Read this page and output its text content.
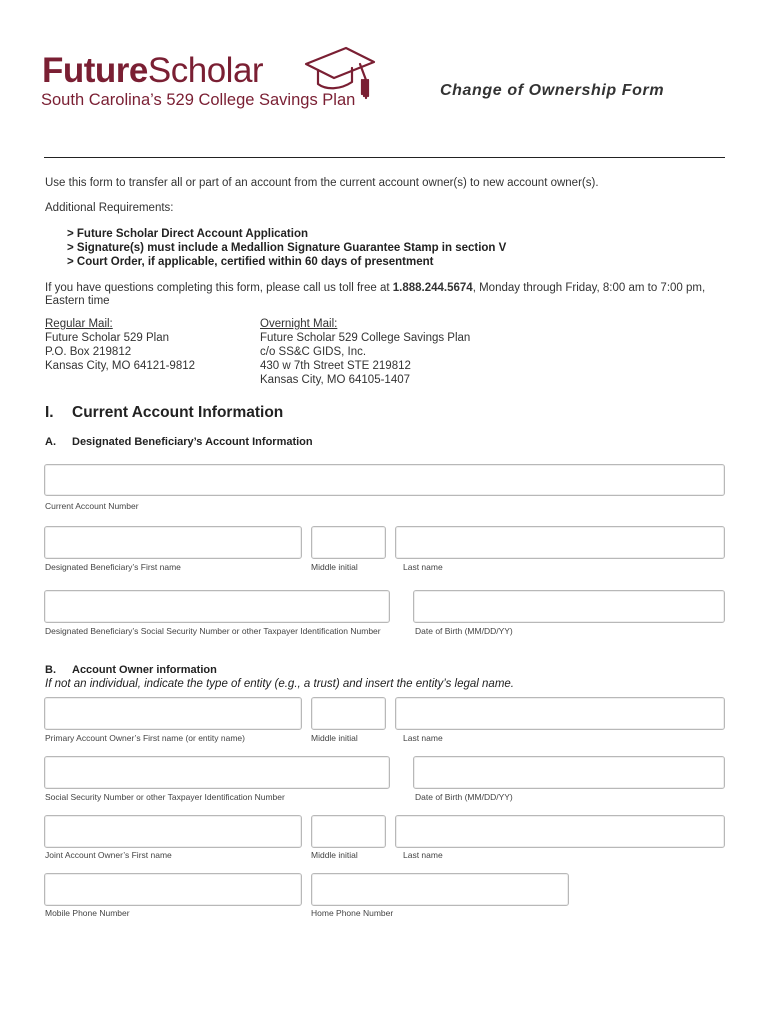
FutureScholar
South Carolina’s 529 College Savings Plan
Change of Ownership Form
Use this form to transfer all or part of an account from the current account owner(s) to new account owner(s).
Additional Requirements:
> Future Scholar Direct Account Application
> Signature(s) must include a Medallion Signature Guarantee Stamp in section V
> Court Order, if applicable, certified within 60 days of presentment
If you have questions completing this form, please call us toll free at 1.888.244.5674, Monday through Friday, 8:00 am to 7:00 pm,
Eastern time
Regular Mail:
Future Scholar 529 Plan
P.O. Box 219812
Kansas City, MO 64121-9812
Overnight Mail:
Future Scholar 529 College Savings Plan
c/o SS&C GIDS, Inc.
430 w 7th Street STE 219812
Kansas City, MO 64105-1407
I. Current Account Information
A. Designated Beneficiary’s Account Information
Current Account Number
Designated Beneficiary’s First name	Middle initial	Last name
Designated Beneficiary’s Social Security Number or other Taxpayer Identification Number	Date of Birth (MM/DD/YY)
B. Account Owner information
If not an individual, indicate the type of entity (e.g., a trust) and insert the entity’s legal name.
Primary Account Owner’s First name (or entity name)	Middle initial	Last name
Social Security Number or other Taxpayer Identification Number	Date of Birth (MM/DD/YY)
Joint Account Owner’s First name	Middle initial	Last name
Mobile Phone Number	Home Phone Number
